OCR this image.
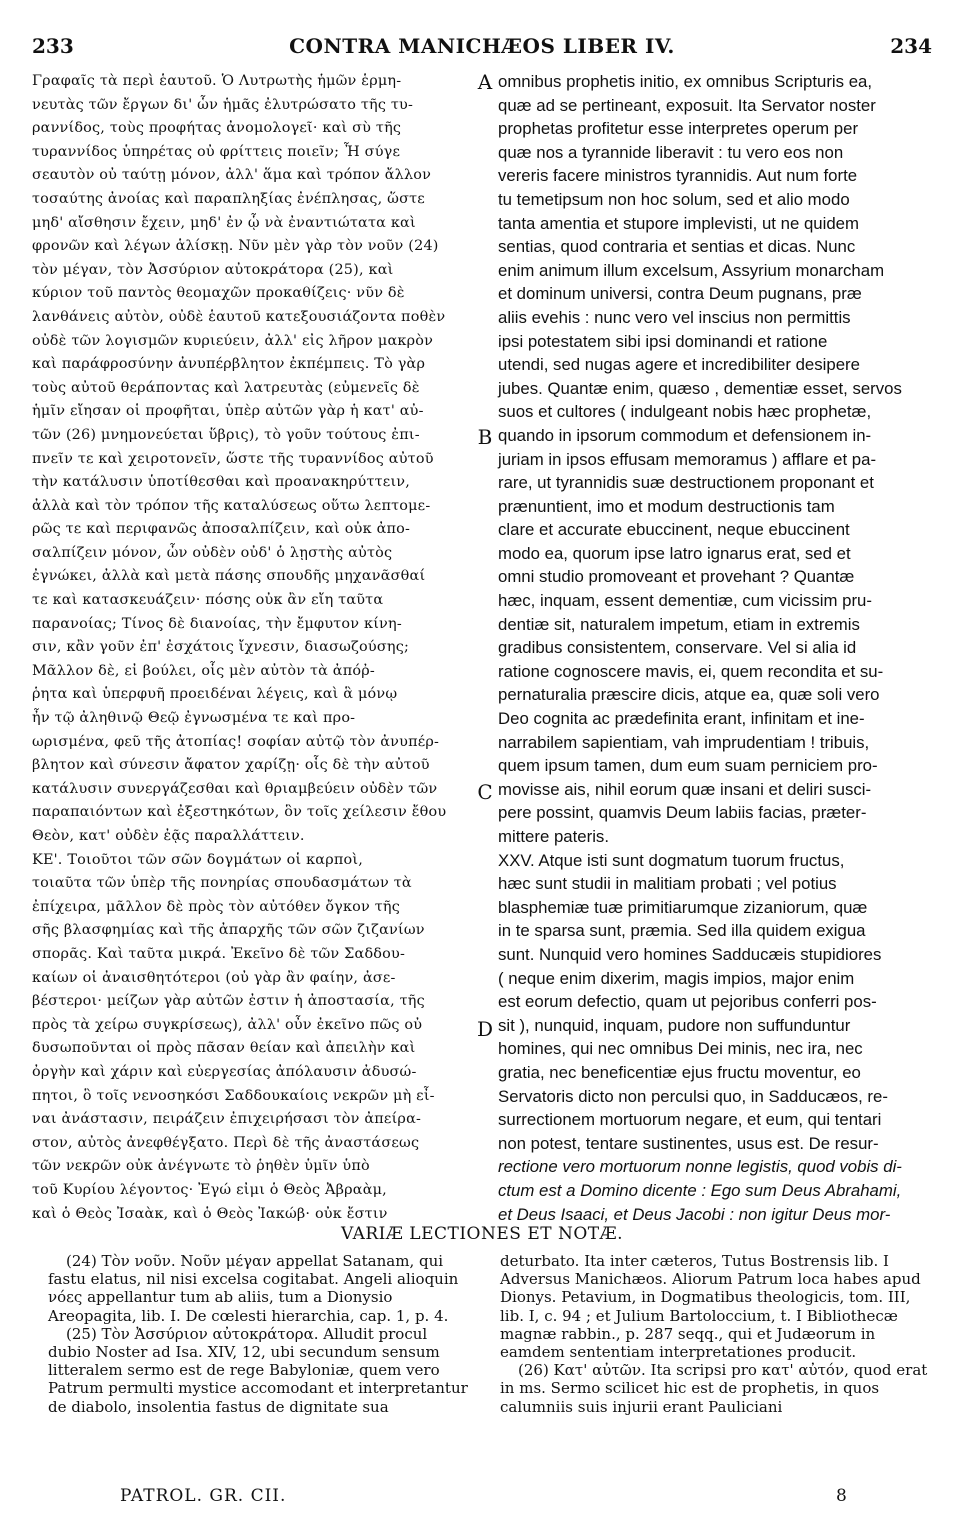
233	CONTRA MANICHÆOS LIBER IV.	234
Γραφαῖς τὰ περὶ ἑαυτοῦ. Ὁ Λυτρωτὴς ἡμῶν ἑρμη-
νευτὰς τῶν ἔργων δι' ὧν ἡμᾶς ἐλυτρώσατο τῆς τυ-
ραννίδος, τοὺς προφήτας ἀνομολογεῖ· καὶ σὺ τῆς
τυραννίδος ὑπηρέτας οὐ φρίττεις ποιεῖν; Ἦ σύγε
σεαυτὸν οὐ ταύτῃ μόνον, ἀλλ' ἅμα καὶ τρόπον ἄλλον
τοσαύτης ἀνοίας καὶ παραπληξίας ἐνέπλησας, ὥστε
μηδ' αἴσθησιν ἔχειν, μηδ' ἐν ᾧ νὰ ἐναντιώτατα καὶ
φρονῶν καὶ λέγων ἁλίσκῃ. Νῦν μὲν γὰρ τὸν νοῦν (24)
τὸν μέγαν, τὸν Ἀσσύριον αὐτοκράτορα (25), καὶ
κύριον τοῦ παντὸς θεομαχῶν προκαθίζεις· νῦν δὲ
λανθάνεις αὐτὸν, οὐδὲ ἑαυτοῦ κατεξουσιάζοντα ποθὲν
οὐδὲ τῶν λογισμῶν κυριεύειν, ἀλλ' εἰς λῆρον μακρὸν
καὶ παράφροσύνην ἀνυπέρβλητον ἐκπέμπεις. Τὸ γὰρ
τοὺς αὐτοῦ θεράποντας καὶ λατρευτὰς (εὐμενεῖς δὲ
ἡμῖν εἴησαν οἱ προφῆται, ὑπὲρ αὐτῶν γὰρ ἡ κατ' αὐ-
τῶν (26) μνημονεύεται ὕβρις), τὸ γοῦν τούτους ἐπι-
πνεῖν τε καὶ χειροτονεῖν, ὥστε τῆς τυραννίδος αὐτοῦ
τὴν κατάλυσιν ὑποτίθεσθαι καὶ προανακηρύττειν,
ἀλλὰ καὶ τὸν τρόπον τῆς καταλύσεως οὕτω λεπτομε-
ρῶς τε καὶ περιφανῶς ἀποσαλπίζειν, καὶ οὐκ ἀπο-
σαλπίζειν μόνον, ὧν οὐδὲν οὐδ' ὁ λῃστὴς αὐτὸς
ἐγνώκει, ἀλλὰ καὶ μετὰ πάσης σπουδῆς μηχανᾶσθαί
τε καὶ κατασκευάζειν· πόσης οὐκ ἂν εἴη ταῦτα
παρανοίας; Τίνος δὲ διανοίας, τὴν ἔμφυτον κίνη-
σιν, κἂν γοῦν ἐπ' ἐσχάτοις ἴχνεσιν, διασωζούσης;
Μᾶλλον δὲ, εἰ βούλει, οἷς μὲν αὐτὸν τὰ ἀπόῤ-
ῥητα καὶ ὑπερφυῆ προειδέναι λέγεις, καὶ ἃ μόνῳ
ἦν τῷ ἀληθινῷ Θεῷ ἐγνωσμένα τε καὶ προ-
ωρισμένα, φεῦ τῆς ἀτοπίας! σοφίαν αὐτῷ τὸν ἀνυπέρ-
βλητον καὶ σύνεσιν ἄφατον χαρίζῃ· οἷς δὲ τὴν αὐτοῦ
κατάλυσιν συνεργάζεσθαι καὶ θριαμβεύειν οὐδὲν τῶν
παραπαιόντων καὶ ἐξεστηκότων, ὃν τοῖς χείλεσιν ἔθου
Θεὸν, κατ' οὐδὲν ἐᾷς παραλλάττειν.
ΚΕ'. Τοιοῦτοι τῶν σῶν δογμάτων οἱ καρποὶ,
τοιαῦτα τῶν ὑπὲρ τῆς πονηρίας σπουδασμάτων τὰ
ἐπίχειρα, μᾶλλον δὲ πρὸς τὸν αὐτόθεν ὄγκον τῆς
σῆς βλασφημίας καὶ τῆς ἀπαρχῆς τῶν σῶν ζιζανίων
σπορᾶς. Καὶ ταῦτα μικρά. Ἐκεῖνο δὲ τῶν Σαδδου-
καίων οἱ ἀναισθητότεροι (οὐ γὰρ ἂν φαίην, ἀσε-
βέστεροι· μείζων γὰρ αὐτῶν ἐστιν ἡ ἀποστασία, τῆς
πρὸς τὰ χείρω συγκρίσεως), ἀλλ' οὖν ἐκεῖνο πῶς οὐ
δυσωποῦνται οἱ πρὸς πᾶσαν θείαν καὶ ἀπειλὴν καὶ
ὀργὴν καὶ χάριν καὶ εὐεργεσίας ἀπόλαυσιν ἀδυσώ-
πητοι, ὃ τοῖς νενοσηκόσι Σαδδουκαίοις νεκρῶν μὴ εἶ-
ναι ἀνάστασιν, πειράζειν ἐπιχειρήσασι τὸν ἀπείρα-
στον, αὐτὸς ἀνεφθέγξατο. Περὶ δὲ τῆς ἀναστάσεως
τῶν νεκρῶν οὐκ ἀνέγνωτε τὸ ῥηθὲν ὑμῖν ὑπὸ
τοῦ Κυρίου λέγοντος· Ἐγώ εἰμι ὁ Θεὸς Ἀβραὰμ,
καὶ ὁ Θεὸς Ἰσαὰκ, καὶ ὁ Θεὸς Ἰακώβ· οὐκ ἔστιν
omnibus prophetis initio, ex omnibus Scripturis ea,
quæ ad se pertineant, exposuit. Ita Servator noster
prophetas profitetur esse interpretes operum per
quæ nos a tyrannide liberavit : tu vero eos non
vereris facere ministros tyrannidis. Aut num forte
tu temetipsum non hoc solum, sed et alio modo
tanta amentia et stupore implevisti, ut ne quidem
sentias, quod contraria et sentias et dicas. Nunc
enim animum illum excelsum, Assyrium monarcham
et dominum universi, contra Deum pugnans, præ
aliis evehis : nunc vero vel inscius non permittis
ipsi potestatem sibi ipsi dominandi et ratione
utendi, sed nugas agere et incredibiliter desipere
jubes. Quantæ enim, quæso , dementiæ esset, servos
suos et cultores ( indulgeant nobis hæc prophetæ,
quando in ipsorum commodum et defensionem in-
juriam in ipsos effusam memoramus ) afflare et pa-
rare, ut tyrannidis suæ destructionem proponant et
prænuntient, imo et modum destructionis tam
clare et accurate ebuccinent, neque ebuccinent
modo ea, quorum ipse latro ignarus erat, sed et
omni studio promoveant et provehant ? Quantæ
hæc, inquam, essent dementiæ, cum vicissim pru-
dentiæ sit, naturalem impetum, etiam in extremis
gradibus consistentem, conservare. Vel si alia id
ratione cognoscere mavis, ei, quem recondita et su-
pernaturalia præscire dicis, atque ea, quæ soli vero
Deo cognita ac prædefinita erant, infinitam et ine-
narrabilem sapientiam, vah imprudentiam ! tribuis,
quem ipsum tamen, dum eum suam perniciem pro-
movisse ais, nihil eorum quæ insani et deliri susci-
pere possint, quamvis Deum labiis facias, præter-
mittere pateris.
XXV. Atque isti sunt dogmatum tuorum fructus,
hæc sunt studii in malitiam probati ; vel potius
blasphemiæ tuæ primitiarumque zizaniorum, quæ
in te sparsa sunt, præmia. Sed illa quidem exigua
sunt. Nunquid vero homines Sadducæis stupidiores
( neque enim dixerim, magis impios, major enim
est eorum defectio, quam ut pejoribus conferri pos-
sit ), nunquid, inquam, pudore non suffunduntur
homines, qui nec omnibus Dei minis, nec ira, nec
gratia, nec beneficentiæ ejus fructu moventur, eo
Servatoris dicto non perculsi quo, in Sadducæos, re-
surrectionem mortuorum negare, et eum, qui tentari
non potest, tentare sustinentes, usus est. De resur-
rectione vero mortuorum nonne legistis, quod vobis di-
ctum est a Domino dicente : Ego sum Deus Abrahami,
et Deus Isaaci, et Deus Jacobi : non igitur Deus mor-
A
B
C
D
VARIÆ LECTIONES ET NOTÆ.

(24) Τὸν νοῦν. Νοῦν μέγαν appellat Satanam, qui fastu elatus, nil nisi excelsa cogitabat. Angeli alioquin νόες appellantur tum ab aliis, tum a Dionysio Areopagita, lib. I. De cœlesti hierarchia, cap. 1, p. 4.

(25) Τὸν Ἀσσύριον αὐτοκράτορα. Alludit procul dubio Noster ad Isa. XIV, 12, ubi secundum sensum litteralem sermo est de rege Babyloniæ, quem vero Patrum permulti mystice accomodant et interpretantur de diabolo, insolentia fastus de dignitate sua

deturbato. Ita inter cæteros, Tutus Bostrensis lib. I Adversus Manichæos. Aliorum Patrum loca habes apud Dionys. Petavium, in Dogmatibus theologicis, tom. III, lib. I, c. 94 ; et Julium Bartoloccium, t. I Bibliothecæ magnæ rabbin., p. 287 seqq., qui et Judæorum in eamdem sententiam interpretationes producit.

(26) Κατ' αὐτῶν. Ita scripsi pro κατ' αὐτόν, quod erat in ms. Sermo scilicet hic est de prophetis, in quos calumniis suis injurii erant Pauliciani

PATROL. GR. CII.	8
